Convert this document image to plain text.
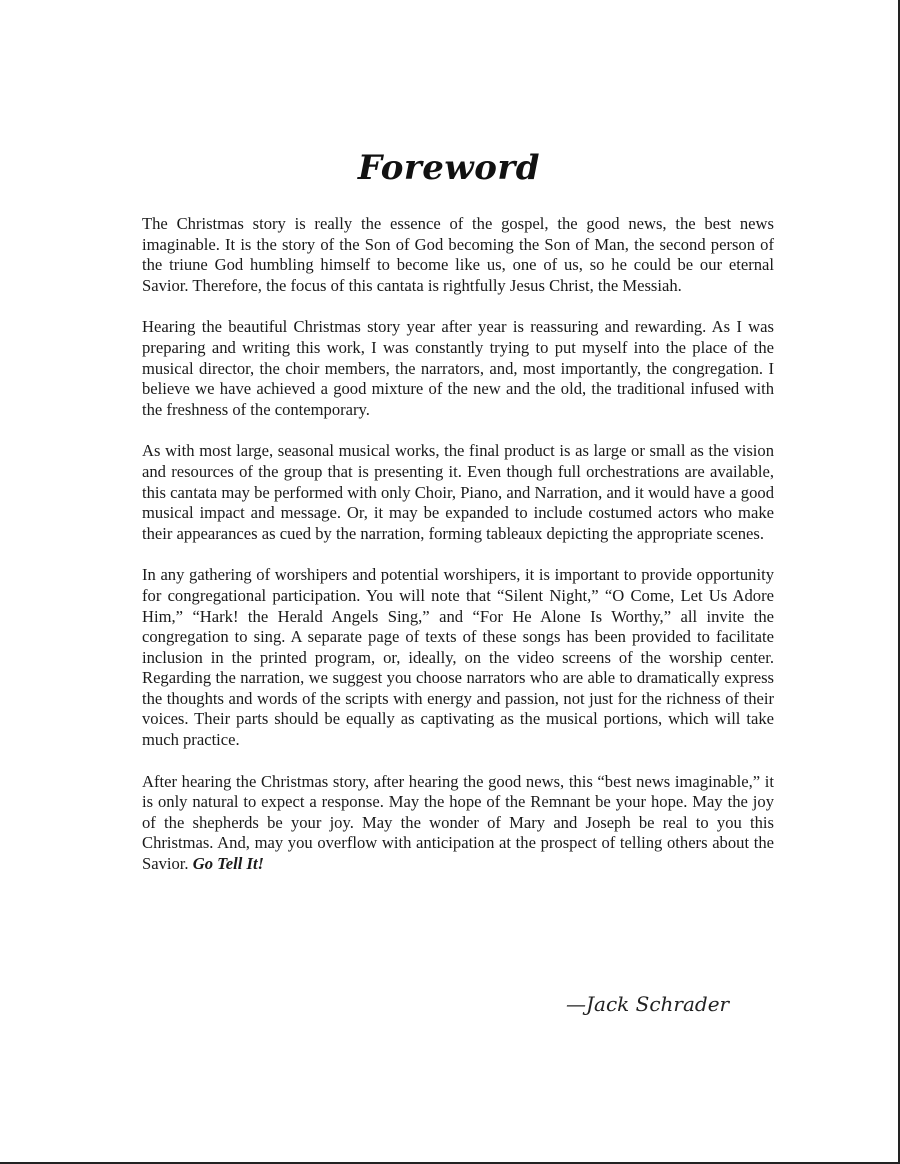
Foreword

The Christmas story is really the essence of the gospel, the good news, the best news imaginable. It is the story of the Son of God becoming the Son of Man, the second person of the triune God humbling himself to become like us, one of us, so he could be our eternal Savior. Therefore, the focus of this cantata is rightfully Jesus Christ, the Messiah.

Hearing the beautiful Christmas story year after year is reassuring and rewarding. As I was preparing and writing this work, I was constantly trying to put myself into the place of the musical director, the choir members, the narrators, and, most importantly, the congregation. I believe we have achieved a good mixture of the new and the old, the traditional infused with the freshness of the contemporary.

As with most large, seasonal musical works, the final product is as large or small as the vision and resources of the group that is presenting it. Even though full orchestrations are available, this cantata may be performed with only Choir, Piano, and Narration, and it would have a good musical impact and message. Or, it may be expanded to include costumed actors who make their appearances as cued by the narration, forming tableaux depicting the appropriate scenes.

In any gathering of worshipers and potential worshipers, it is important to provide opportunity for congregational participation. You will note that “Silent Night,” “O Come, Let Us Adore Him,” “Hark! the Herald Angels Sing,” and “For He Alone Is Worthy,” all invite the congregation to sing. A separate page of texts of these songs has been provided to facilitate inclusion in the printed program, or, ideally, on the video screens of the worship center. Regarding the narration, we suggest you choose narrators who are able to dramatically express the thoughts and words of the scripts with energy and passion, not just for the richness of their voices. Their parts should be equally as captivating as the musical portions, which will take much practice.

After hearing the Christmas story, after hearing the good news, this “best news imaginable,” it is only natural to expect a response. May the hope of the Remnant be your hope. May the joy of the shepherds be your joy. May the wonder of Mary and Joseph be real to you this Christmas. And, may you overflow with anticipation at the prospect of telling others about the Savior. Go Tell It!

—Jack Schrader
